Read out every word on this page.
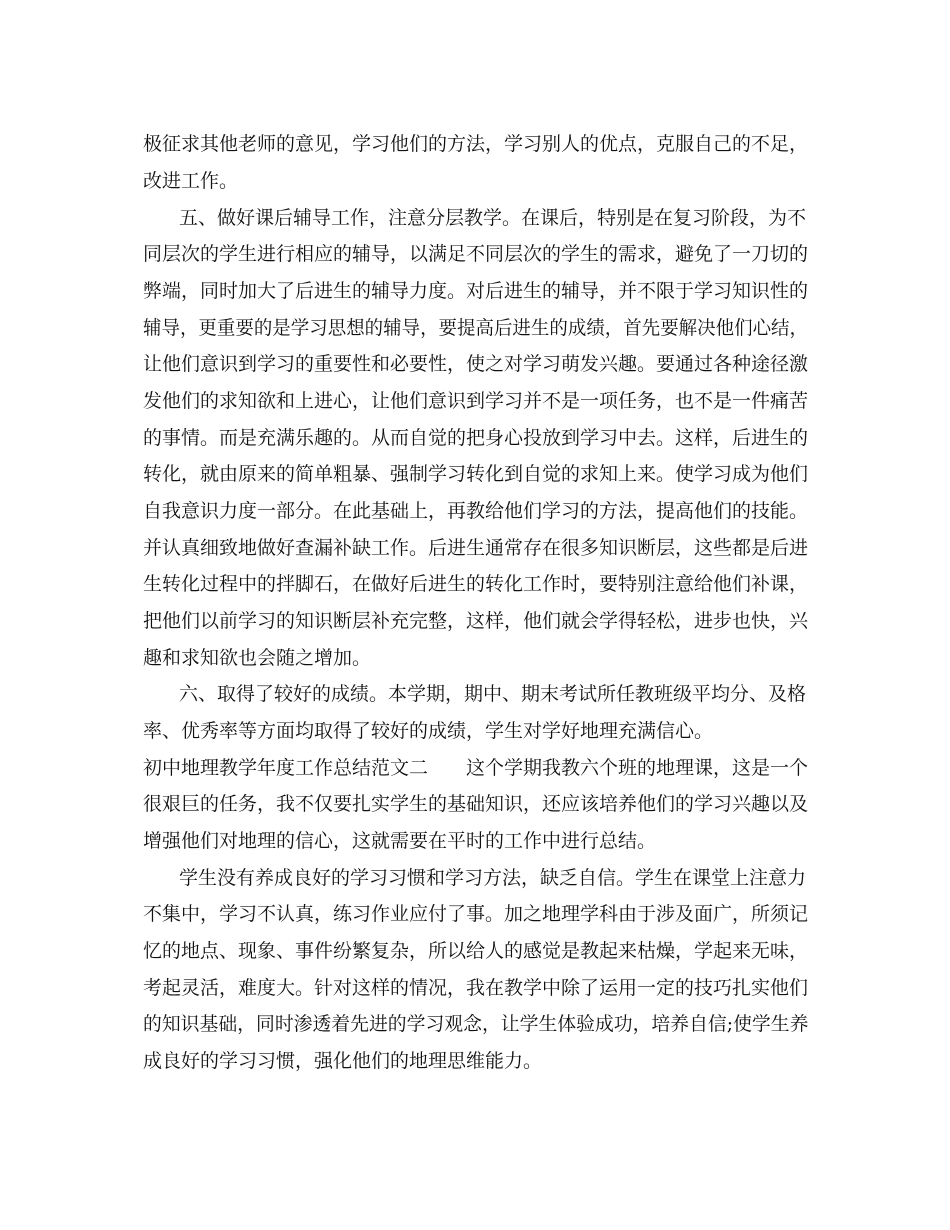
极征求其他老师的意见，学习他们的方法，学习别人的优点，克服自己的不足，
改进工作。
五、做好课后辅导工作，注意分层教学。在课后，特别是在复习阶段，为不
同层次的学生进行相应的辅导，以满足不同层次的学生的需求，避免了一刀切的
弊端，同时加大了后进生的辅导力度。对后进生的辅导，并不限于学习知识性的
辅导，更重要的是学习思想的辅导，要提高后进生的成绩，首先要解决他们心结，
让他们意识到学习的重要性和必要性，使之对学习萌发兴趣。要通过各种途径激
发他们的求知欲和上进心，让他们意识到学习并不是一项任务，也不是一件痛苦
的事情。而是充满乐趣的。从而自觉的把身心投放到学习中去。这样，后进生的
转化，就由原来的简单粗暴、强制学习转化到自觉的求知上来。使学习成为他们
自我意识力度一部分。在此基础上，再教给他们学习的方法，提高他们的技能。
并认真细致地做好查漏补缺工作。后进生通常存在很多知识断层，这些都是后进
生转化过程中的拌脚石，在做好后进生的转化工作时，要特别注意给他们补课，
把他们以前学习的知识断层补充完整，这样，他们就会学得轻松，进步也快，兴
趣和求知欲也会随之增加。
六、取得了较好的成绩。本学期，期中、期末考试所任教班级平均分、及格
率、优秀率等方面均取得了较好的成绩，学生对学好地理充满信心。
初中地理教学年度工作总结范文二　　这个学期我教六个班的地理课，这是一个
很艰巨的任务，我不仅要扎实学生的基础知识，还应该培养他们的学习兴趣以及
增强他们对地理的信心，这就需要在平时的工作中进行总结。
学生没有养成良好的学习习惯和学习方法，缺乏自信。学生在课堂上注意力
不集中，学习不认真，练习作业应付了事。加之地理学科由于涉及面广，所须记
忆的地点、现象、事件纷繁复杂，所以给人的感觉是教起来枯燥，学起来无味，
考起灵活，难度大。针对这样的情况，我在教学中除了运用一定的技巧扎实他们
的知识基础，同时渗透着先进的学习观念，让学生体验成功，培养自信;使学生养
成良好的学习习惯，强化他们的地理思维能力。
